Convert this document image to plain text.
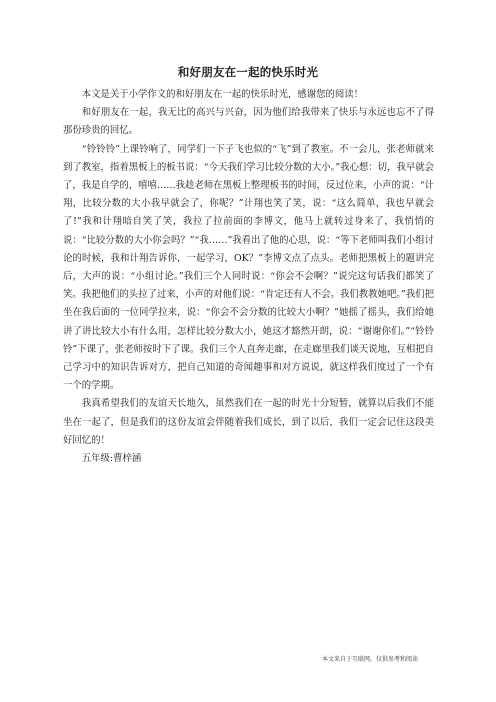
和好朋友在一起的快乐时光

本文是关于小学作文的和好朋友在一起的快乐时光，感谢您的阅读！

和好朋友在一起，我无比的高兴与兴奋，因为他们给我带来了快乐与永远也忘不了得那份珍贵的回忆。

“铃铃铃”上课铃响了，同学们一下子飞也似的“飞”到了教室。不一会儿，张老师就来到了教室，指着黑板上的板书说：“今天我们学习比较分数的大小。”我心想：切，我早就会了，我是自学的，嘻嘻……我趁老师在黑板上整理板书的时间，反过位来，小声的说：“计翔，比较分数的大小我早就会了，你呢？”计翔也笑了笑，说：“这么简单，我也早就会了!”我和计翔暗自笑了笑，我拉了拉前面的李博文，他马上就转过身来了，我悄悄的说：“比较分数的大小你会吗？”“我……”我看出了他的心思，说：“等下老师叫我们小组讨论的时候，我和计翔告诉你，一起学习，OK？”李博文点了点头。老师把黑板上的题讲完后，大声的说：“小组讨论。”我们三个人同时说：“你会不会啊？”说完这句话我们都笑了笑。我把他们的头拉了过来，小声的对他们说：“肯定还有人不会。我们教教她吧。”我们把坐在我后面的一位同学拉来，说：“你会不会分数的比较大小啊？”她摇了摇头，我们给她讲了讲比较大小有什么用，怎样比较分数大小，她这才豁然开朗，说：“谢谢你们。”“铃铃铃”下课了，张老师按时下了课。我们三个人直奔走廊，在走廊里我们谈天说地，互相把自己学习中的知识告诉对方，把自己知道的奇闻趣事和对方说说，就这样我们度过了一个有一个的学期。

我真希望我们的友谊天长地久，虽然我们在一起的时光十分短暂，就算以后我们不能坐在一起了，但是我们的这份友谊会伴随着我们成长，到了以后，我们一定会记住这段美好回忆的！

五年级:曹梓涵

本文来自于互联网，仅供参考和阅读
